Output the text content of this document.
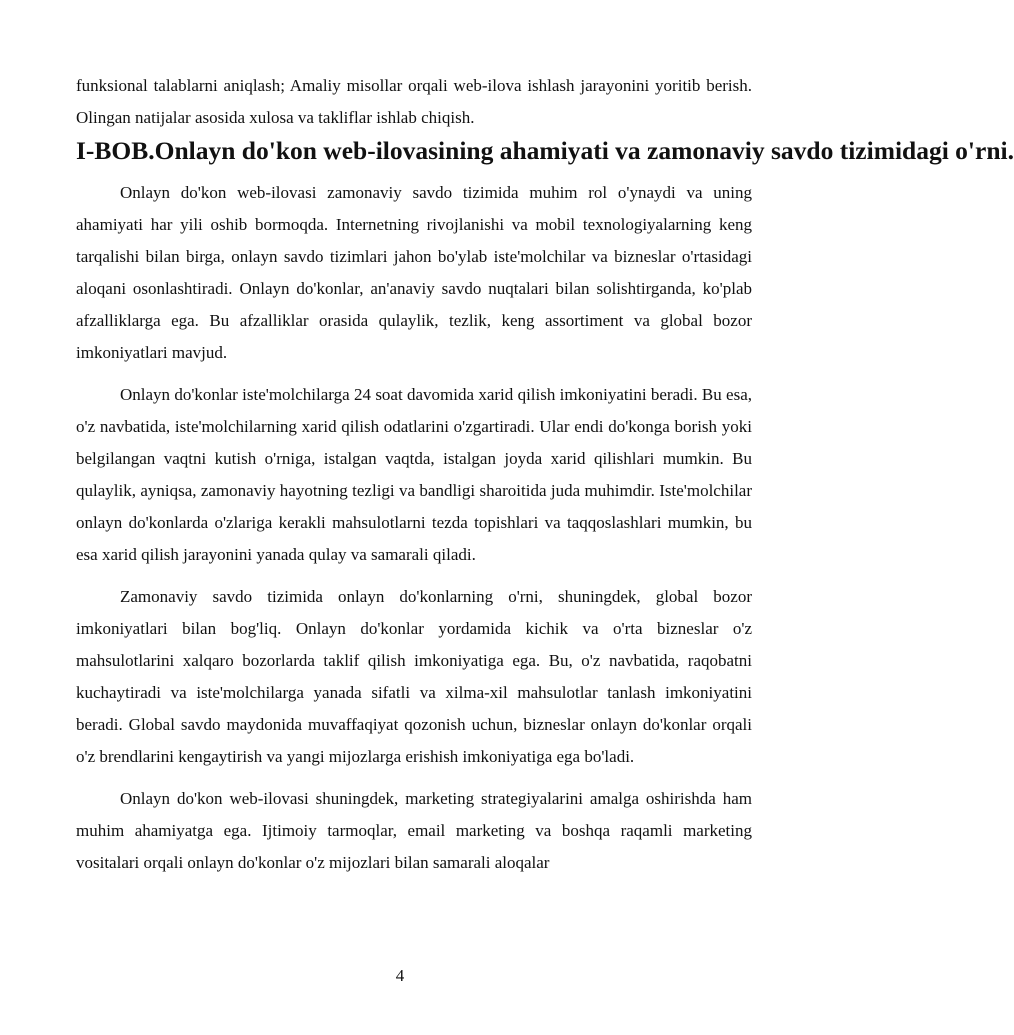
funksional talablarni aniqlash; Amaliy misollar orqali web-ilova ishlash jarayonini yoritib berish. Olingan natijalar asosida xulosa va takliflar ishlab chiqish.

I-BOB.Onlayn do'kon web-ilovasining ahamiyati va zamonaviy savdo tizimidagi o'rni.

Onlayn do'kon web-ilovasi zamonaviy savdo tizimida muhim rol o'ynaydi va uning ahamiyati har yili oshib bormoqda. Internetning rivojlanishi va mobil texnologiyalarning keng tarqalishi bilan birga, onlayn savdo tizimlari jahon bo'ylab iste'molchilar va bizneslar o'rtasidagi aloqani osonlashtiradi. Onlayn do'konlar, an'anaviy savdo nuqtalari bilan solishtirganda, ko'plab afzalliklarga ega. Bu afzalliklar orasida qulaylik, tezlik, keng assortiment va global bozor imkoniyatlari mavjud.

Onlayn do'konlar iste'molchilarga 24 soat davomida xarid qilish imkoniyatini beradi. Bu esa, o'z navbatida, iste'molchilarning xarid qilish odatlarini o'zgartiradi. Ular endi do'konga borish yoki belgilangan vaqtni kutish o'rniga, istalgan vaqtda, istalgan joyda xarid qilishlari mumkin. Bu qulaylik, ayniqsa, zamonaviy hayotning tezligi va bandligi sharoitida juda muhimdir. Iste'molchilar onlayn do'konlarda o'zlariga kerakli mahsulotlarni tezda topishlari va taqqoslashlari mumkin, bu esa xarid qilish jarayonini yanada qulay va samarali qiladi.

Zamonaviy savdo tizimida onlayn do'konlarning o'rni, shuningdek, global bozor imkoniyatlari bilan bog'liq. Onlayn do'konlar yordamida kichik va o'rta bizneslar o'z mahsulotlarini xalqaro bozorlarda taklif qilish imkoniyatiga ega. Bu, o'z navbatida, raqobatni kuchaytiradi va iste'molchilarga yanada sifatli va xilma-xil mahsulotlar tanlash imkoniyatini beradi. Global savdo maydonida muvaffaqiyat qozonish uchun, bizneslar onlayn do'konlar orqali o'z brendlarini kengaytirish va yangi mijozlarga erishish imkoniyatiga ega bo'ladi.

Onlayn do'kon web-ilovasi shuningdek, marketing strategiyalarini amalga oshirishda ham muhim ahamiyatga ega. Ijtimoiy tarmoqlar, email marketing va boshqa raqamli marketing vositalari orqali onlayn do'konlar o'z mijozlari bilan samarali aloqalar

4
